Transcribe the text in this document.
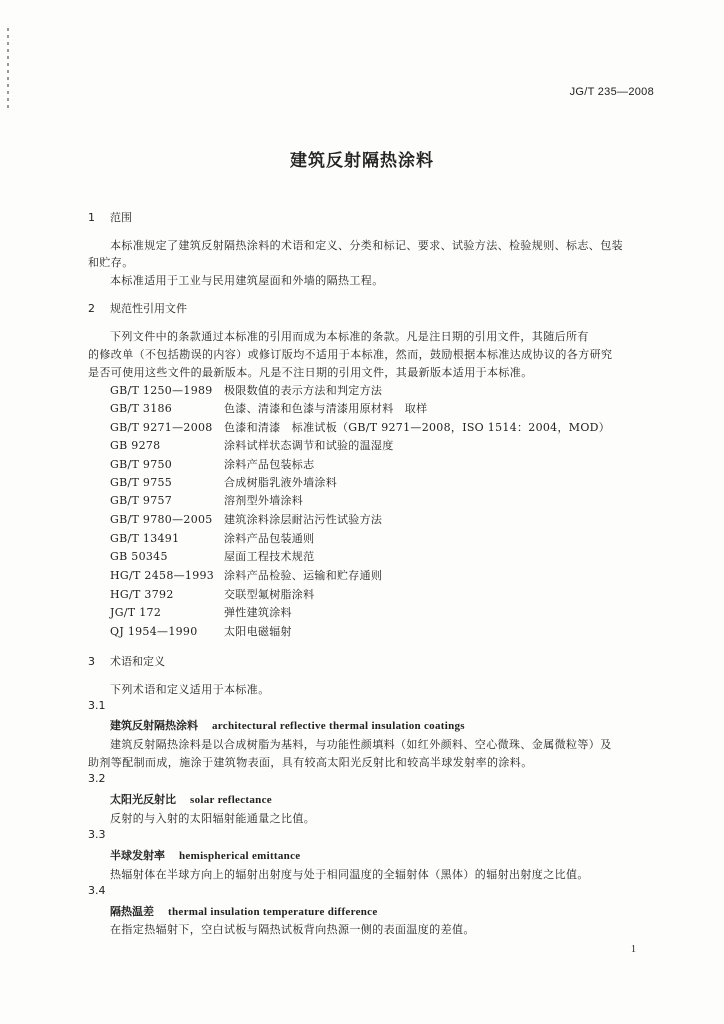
JG/T 235—2008
建筑反射隔热涂料
1 范围
本标准规定了建筑反射隔热涂料的术语和定义、分类和标记、要求、试验方法、检验规则、标志、包装
和贮存。
本标准适用于工业与民用建筑屋面和外墙的隔热工程。
2 规范性引用文件
下列文件中的条款通过本标准的引用而成为本标准的条款。凡是注日期的引用文件，其随后所有
的修改单（不包括勘误的内容）或修订版均不适用于本标准，然而，鼓励根据本标准达成协议的各方研究
是否可使用这些文件的最新版本。凡是不注日期的引用文件，其最新版本适用于本标准。
GB/T 1250—1989 极限数值的表示方法和判定方法
GB/T 3186	色漆、清漆和色漆与清漆用原材料　取样
GB/T 9271—2008 色漆和清漆　标准试板（GB/T 9271—2008，ISO 1514：2004，MOD）
GB 9278	涂料试样状态调节和试验的温湿度
GB/T 9750	涂料产品包装标志
GB/T 9755	合成树脂乳液外墙涂料
GB/T 9757	溶剂型外墙涂料
GB/T 9780—2005 建筑涂料涂层耐沾污性试验方法
GB/T 13491	涂料产品包装通则
GB 50345	屋面工程技术规范
HG/T 2458—1993 涂料产品检验、运输和贮存通则
HG/T 3792	交联型氟树脂涂料
JG/T 172	弹性建筑涂料
QJ 1954—1990 太阳电磁辐射
3 术语和定义
下列术语和定义适用于本标准。
3.1
建筑反射隔热涂料 architectural reflective thermal insulation coatings
建筑反射隔热涂料是以合成树脂为基料，与功能性颜填料（如红外颜料、空心微珠、金属微粒等）及
助剂等配制而成，施涂于建筑物表面，具有较高太阳光反射比和较高半球发射率的涂料。
3.2
太阳光反射比 solar reflectance
反射的与入射的太阳辐射能通量之比值。
3.3
半球发射率 hemispherical emittance
热辐射体在半球方向上的辐射出射度与处于相同温度的全辐射体（黑体）的辐射出射度之比值。
3.4
隔热温差 thermal insulation temperature difference
在指定热辐射下，空白试板与隔热试板背向热源一侧的表面温度的差值。
1
